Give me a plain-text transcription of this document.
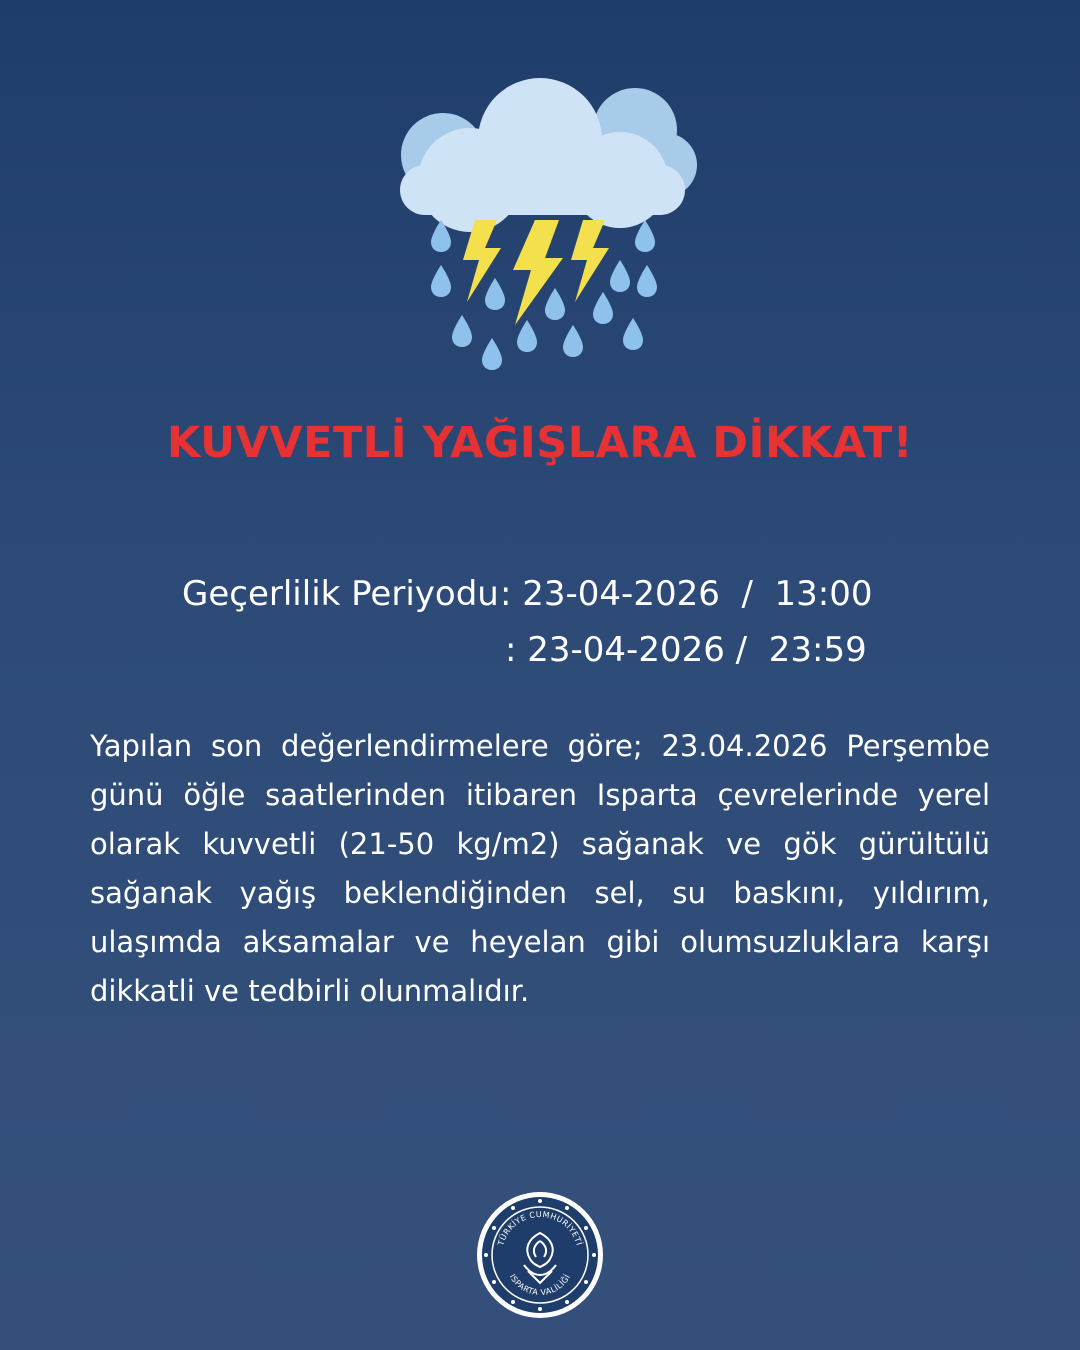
KUVVETLİ YAĞIŞLARA DİKKAT!
Geçerlilik Periyodu : 23-04-2026  /  13:00
: 23-04-2026 /  23:59
Yapılan son değerlendirmelere göre; 23.04.2026 Perşembe günü öğle saatlerinden itibaren Isparta çevrelerinde yerel olarak kuvvetli (21-50 kg/m2) sağanak ve gök gürültülü sağanak yağış beklendiğinden sel, su baskını, yıldırım, ulaşımda aksamalar ve heyelan gibi olumsuzluklara karşı dikkatli ve tedbirli olunmalıdır.
TÜRKİYE CUMHURİYETİ
ISPARTA VALİLİĞİ
